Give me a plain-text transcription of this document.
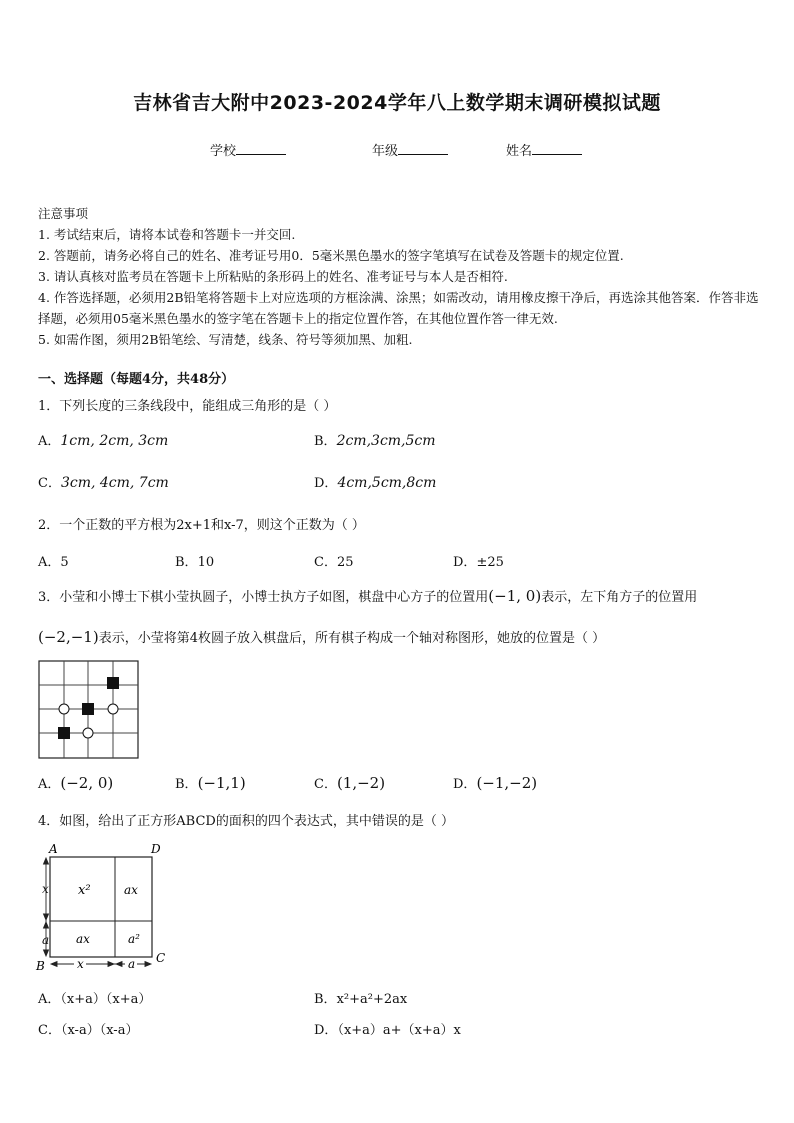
吉林省吉大附中2023-2024学年八上数学期末调研模拟试题
学校	年级	姓名
注意事项
1. 考试结束后，请将本试卷和答题卡一并交回.
2. 答题前，请务必将自己的姓名、准考证号用0．5毫米黑色墨水的签字笔填写在试卷及答题卡的规定位置.
3. 请认真核对监考员在答题卡上所粘贴的条形码上的姓名、准考证号与本人是否相符.
4. 作答选择题，必须用2B铅笔将答题卡上对应选项的方框涂满、涂黑；如需改动，请用橡皮擦干净后，再选涂其他答案．作答非选择题，必须用05毫米黑色墨水的签字笔在答题卡上的指定位置作答，在其他位置作答一律无效.
5. 如需作图，须用2B铅笔绘、写清楚，线条、符号等须加黑、加粗.
一、选择题（每题4分，共48分）
1．下列长度的三条线段中，能组成三角形的是（ ）
A．1cm, 2cm, 3cm	B．2cm,3cm,5cm
C．3cm, 4cm, 7cm	D．4cm,5cm,8cm
2．一个正数的平方根为2x+1和x-7，则这个正数为（ ）
A．5	B．10	C．25	D．±25
3．小莹和小博士下棋小莹执圆子，小博士执方子如图，棋盘中心方子的位置用(−1, 0)表示，左下角方子的位置用
(−2,−1)表示，小莹将第4枚圆子放入棋盘后，所有棋子构成一个轴对称图形，她放的位置是（ ）
A．(−2, 0)	B．(−1,1)	C．(1,−2)	D．(−1,−2)
4．如图，给出了正方形ABCD的面积的四个表达式，其中错误的是（ ）
A	D
B
C
x²	ax
ax	a²
x
a
x	a
A．（x+a）（x+a）	B．x²+a²+2ax
C．（x-a）（x-a）	D．（x+a）a+（x+a）x
